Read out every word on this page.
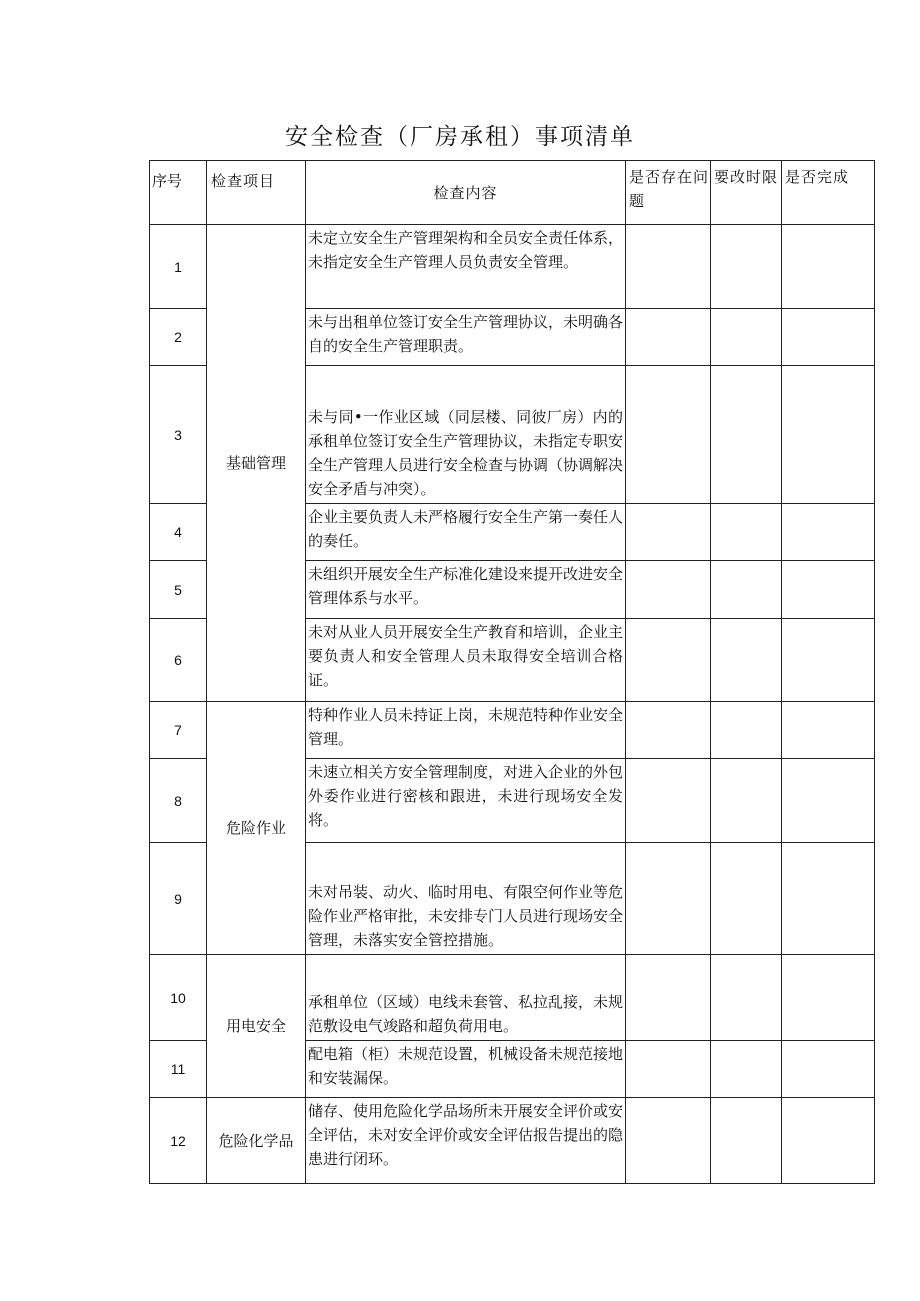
安全检查（厂房承租）事项清单
序号	检查项目	检查内容	是否存在问题	要改时限	是否完成
1	基础管理	未定立安全生产管理架构和全员安全责任体系，未指定安全生产管理人员负责安全管理。			
2		未与出租单位签订安全生产管理协议，未明确各自的安全生产管理职责。			
3		未与同•一作业区域（同层楼、同彼厂房）内的承租单位签订安全生产管理协议，未指定专职安全生产管理人员进行安全检查与协调（协调解决安全矛盾与冲突）。			
4		企业主要负责人未严格履行安全生产第一奏任人的奏任。			
5		未组织开展安全生产标准化建设来提开改进安全管理体系与水平。			
6		未对从业人员开展安全生产教育和培训，企业主要负责人和安全管理人员未取得安全培训合格证。			
7	危险作业	特种作业人员未持证上岗，未规范特种作业安全管理。			
8		未速立相关方安全管理制度，对进入企业的外包外委作业进行密核和跟进，未进行现场安全发将。			
9		未对吊装、动火、临时用电、有限空何作业等危险作业严格审批，未安排专门人员进行现场安全管理，未落实安全管控措施。			
10	用电安全	承租单位（区域）电线未套管、私拉乱接，未规范敷设电气竣路和超负荷用电。			
11		配电箱（柜）未规范设置，机械设备未规范接地和安装漏保。			
12	危险化学品	储存、使用危险化学品场所未开展安全评价或安全评估，未对安全评价或安全评估报告提出的隐患进行闭环。			
